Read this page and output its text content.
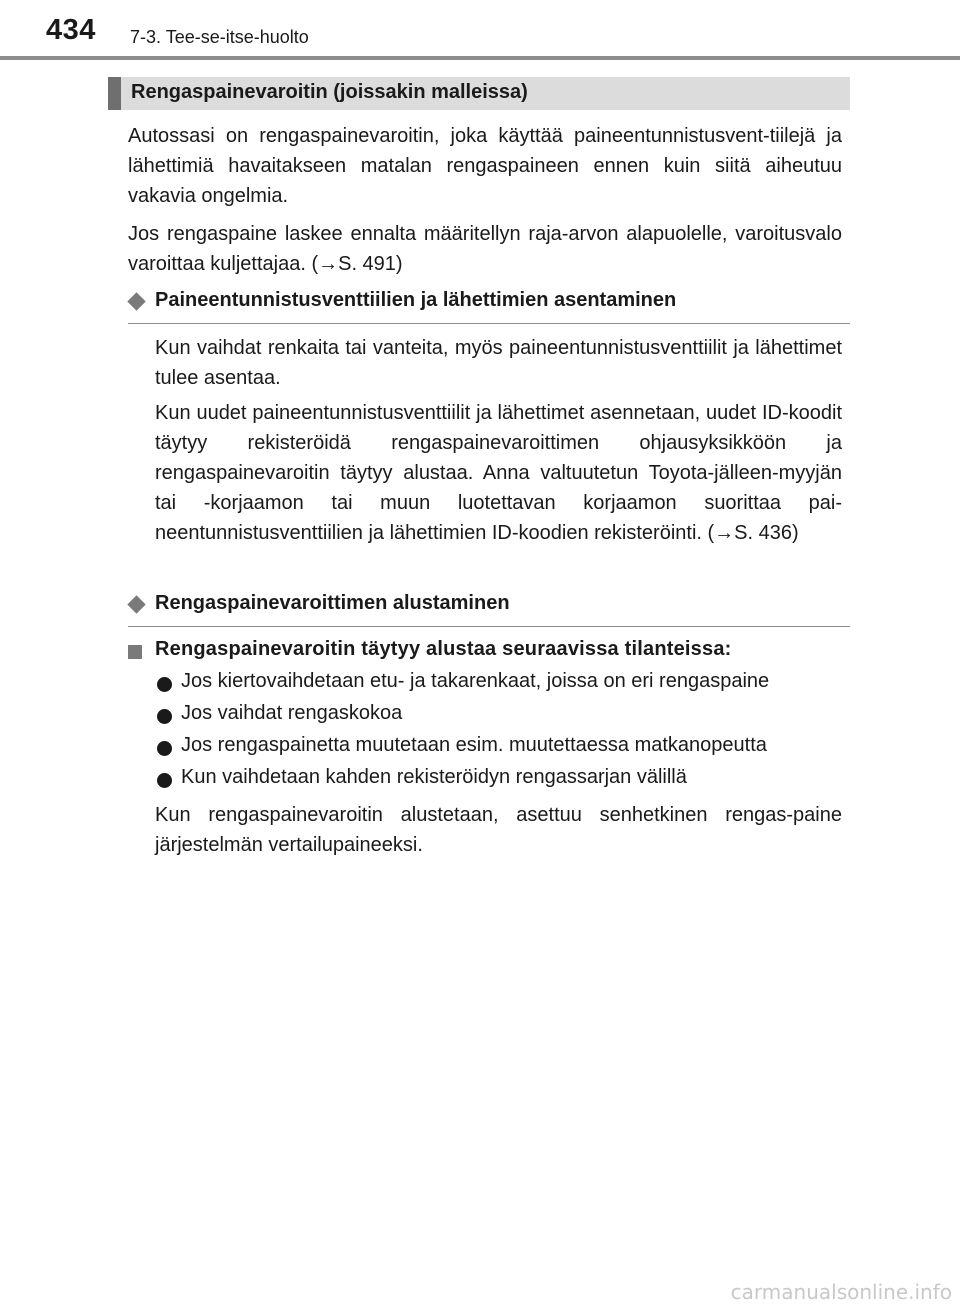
434 7-3. Tee-se-itse-huolto
Rengaspainevaroitin (joissakin malleissa)

Autossasi on rengaspainevaroitin, joka käyttää paineentunnistusvent-tiilejä ja lähettimiä havaitakseen matalan rengaspaineen ennen kuin siitä aiheutuu vakavia ongelmia.

Jos rengaspaine laskee ennalta määritellyn raja-arvon alapuolelle, varoitusvalo varoittaa kuljettajaa. (→S. 491)

Paineentunnistusventtiilien ja lähettimien asentaminen

Kun vaihdat renkaita tai vanteita, myös paineentunnistusventtiilit ja lähettimet tulee asentaa.

Kun uudet paineentunnistusventtiilit ja lähettimet asennetaan, uudet ID-koodit täytyy rekisteröidä rengaspainevaroittimen ohjausyksikköön ja rengaspainevaroitin täytyy alustaa. Anna valtuutetun Toyota-jälleen-myyjän tai -korjaamon tai muun luotettavan korjaamon suorittaa pai-neentunnistusventtiilien ja lähettimien ID-koodien rekisteröinti. (→S. 436)

Rengaspainevaroittimen alustaminen
Rengaspainevaroitin täytyy alustaa seuraavissa tilanteissa:
Jos kiertovaihdetaan etu- ja takarenkaat, joissa on eri rengaspaine
Jos vaihdat rengaskokoa
Jos rengaspainetta muutetaan esim. muutettaessa matkanopeutta
Kun vaihdetaan kahden rekisteröidyn rengassarjan välillä

Kun rengaspainevaroitin alustetaan, asettuu senhetkinen rengas-paine järjestelmän vertailupaineeksi.

carmanualsonline.info
